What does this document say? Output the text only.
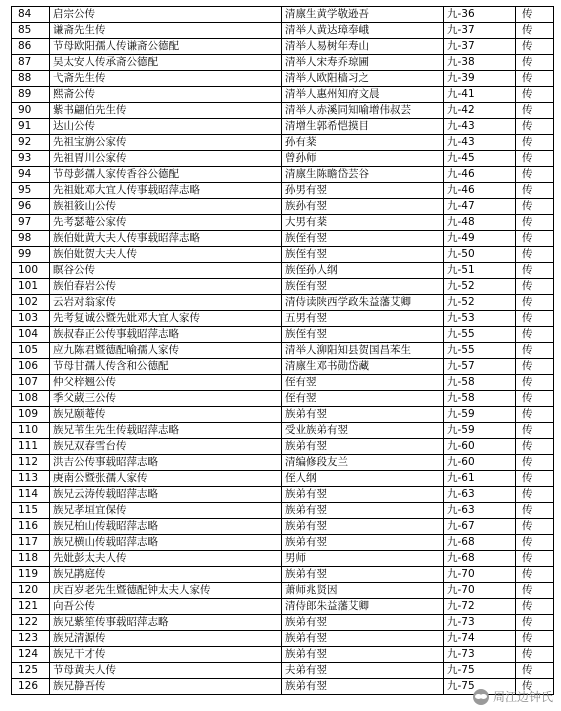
84	启宗公传	清廪生黄学敬逊吾	九-36	传
85	谦斋先生传	清举人黄达璋奉峨	九-37	传
86	节母欧阳孺人传谦斋公德配	清举人易树年寿山	九-37	传
87	吴太安人传承斋公德配	清举人宋寿乔琼圃	九-38	传
88	弋斋先生传	清举人欧阳樯习之	九-39	传
89	熙斋公传	清举人惠州知府文晨	九-41	传
90	紫书翩伯先生传	清举人赤溪同知喻增伟叔芸	九-42	传
91	达山公传	清增生郭希恺摸目	九-43	传
92	先祖宝旃公家传	孙有棻	九-43	传
93	先祖胃川公家传	曾孙师	九-45	传
94	节母彭孺人家传香谷公德配	清廪生陈瞻岱芸谷	九-46	传
95	先祖妣邓大宜人传事载昭萍志略	孙男有翌	九-46	传
96	族祖筱山公传	族孙有翌	九-47	传
97	先考瑟菴公家传	大男有棻	九-48	传
98	族伯妣黄大夫人传事载昭萍志略	族侄有翌	九-49	传
99	族伯妣贺大夫人传	族侄有翌	九-50	传
100	瞑谷公传	族侄孙人纲	九-51	传
101	族伯春岩公传	族侄有翌	九-52	传
102	云岩对翁家传	清侍读陕西学政朱益藩艾卿	九-52	传
103	先考复诚公暨先妣邓大宜人家传	五男有翌	九-53	传
104	族叔春正公传事载昭萍志略	族侄有翌	九-55	传
105	应九陈君暨德配喻孺人家传	清举人泖阳知县贺国昌苯生	九-55	传
106	节母甘孺人传含和公德配	清廪生邓书勋岱藏	九-57	传
107	仲父梓翘公传	侄有翌	九-58	传
108	季父葳三公传	侄有翌	九-58	传
109	族兄颐菴传	族弟有翌	九-59	传
110	族兄苇生先生传载昭萍志略	受业族弟有翌	九-59	传
111	族兄双春雪台传	族弟有翌	九-60	传
112	洪吉公传事载昭萍志略	清编修段友兰	九-60	传
113	庚南公暨张孺人家传	侄人纲	九-61	传
114	族兄云涛传载昭萍志略	族弟有翌	九-63	传
115	族兄孝垣宜保传	族弟有翌	九-63	传
116	族兄柏山传载昭萍志略	族弟有翌	九-67	传
117	族兄横山传载昭萍志略	族弟有翌	九-68	传
118	先妣彭太夫人传	男师	九-68	传
119	族兄鹃庭传	族弟有翌	九-70	传
120	庆百岁老先生暨德配钟太夫人家传	萧师兆贤因	九-70	传
121	向吾公传	清侍郎朱益藩艾卿	九-72	传
122	族兄紫笙传事载昭萍志略	族弟有翌	九-73	传
123	族兄清源传	族弟有翌	九-74	传
124	族兄干才传	族弟有翌	九-73	传
125	节母黄夫人传	夫弟有翌	九-75	传
126	族兄静吾传	族弟有翌	九-75	传
周江边钟氏
